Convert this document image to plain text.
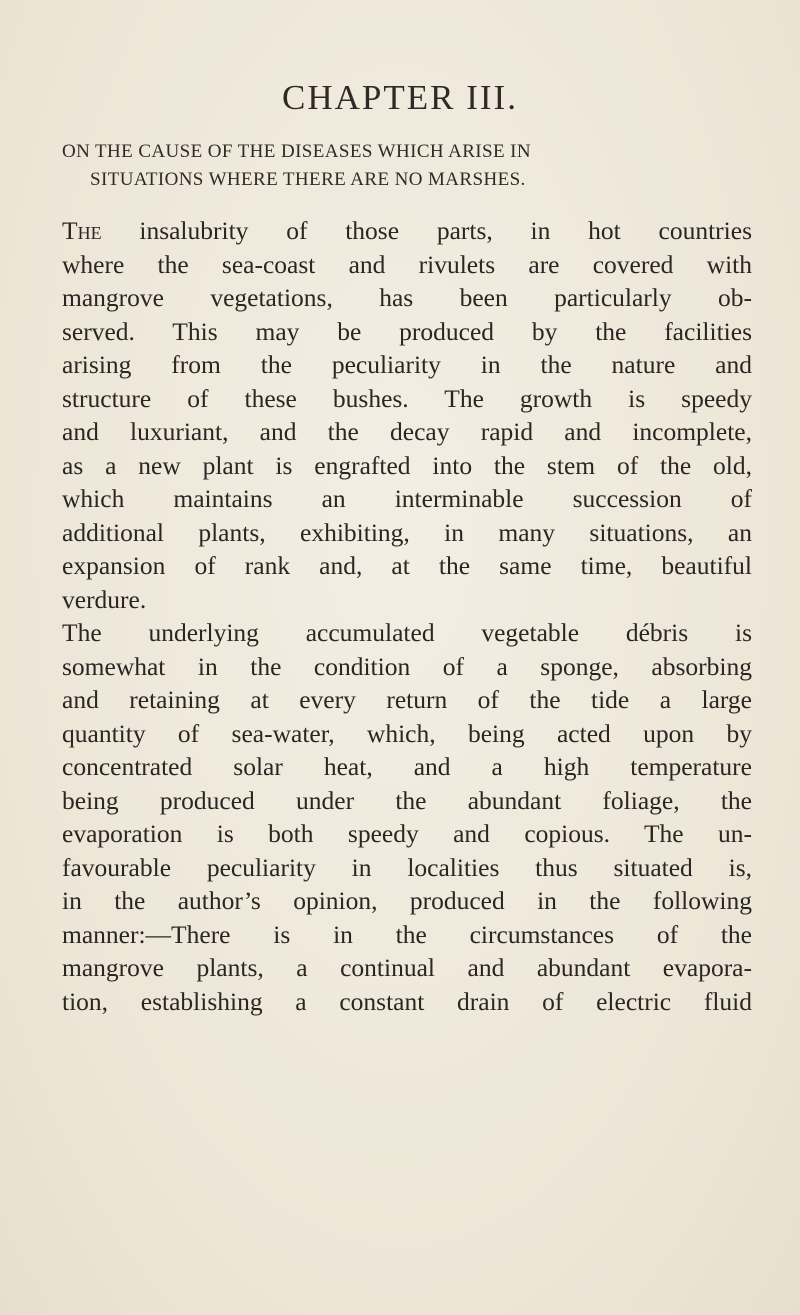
CHAPTER III.
ON THE CAUSE OF THE DISEASES WHICH ARISE IN
SITUATIONS WHERE THERE ARE NO MARSHES.
The insalubrity of those parts, in hot countries
where the sea-coast and rivulets are covered with
mangrove vegetations, has been particularly ob-
served. This may be produced by the facilities
arising from the peculiarity in the nature and
structure of these bushes. The growth is speedy
and luxuriant, and the decay rapid and incomplete,
as a new plant is engrafted into the stem of the old,
which maintains an interminable succession of
additional plants, exhibiting, in many situations, an
expansion of rank and, at the same time, beautiful
verdure.
The underlying accumulated vegetable débris is
somewhat in the condition of a sponge, absorbing
and retaining at every return of the tide a large
quantity of sea-water, which, being acted upon by
concentrated solar heat, and a high temperature
being produced under the abundant foliage, the
evaporation is both speedy and copious. The un-
favourable peculiarity in localities thus situated is,
in the author’s opinion, produced in the following
manner:—There is in the circumstances of the
mangrove plants, a continual and abundant evapora-
tion, establishing a constant drain of electric fluid
